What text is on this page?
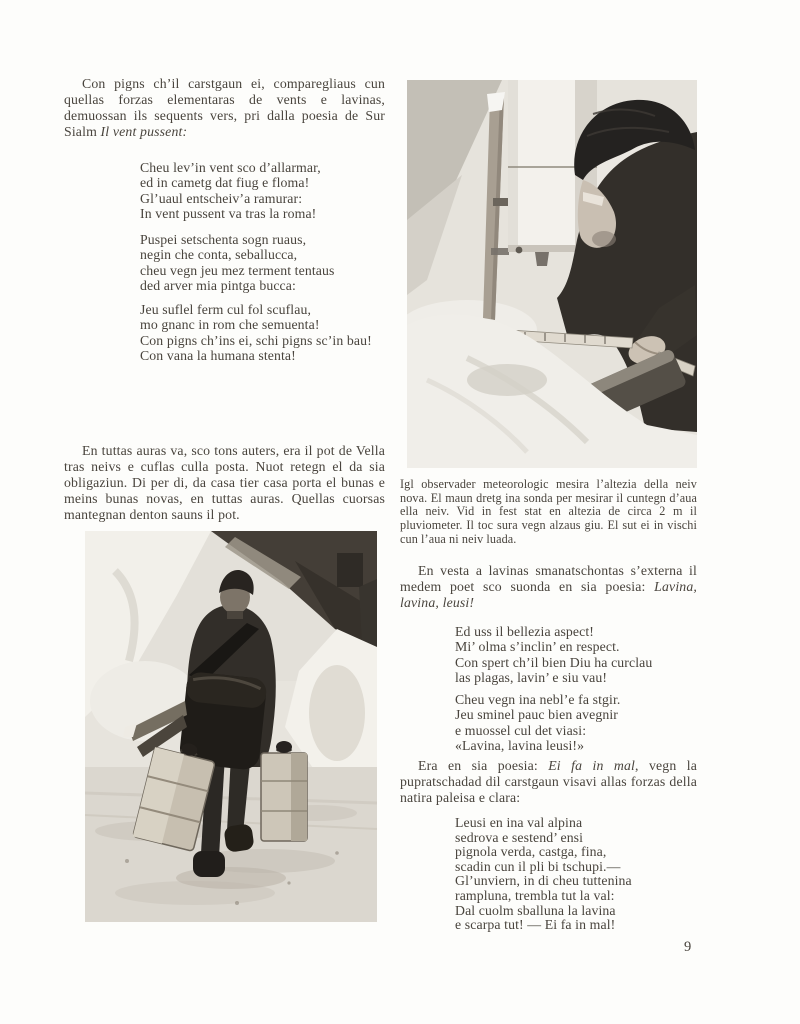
Con pigns ch’il carstgaun ei, comparegliaus cun quellas forzas elementaras de vents e lavinas, demuossan ils sequents vers, pri dalla poesia de Sur Sialm Il vent pussent:
Cheu lev’in vent sco d’allarmar,
ed in cametg dat fiug e floma!
Gl’uaul entscheiv’a ramurar:
In vent pussent va tras la roma!
Puspei setschenta sogn ruaus,
negin che conta, seballucca,
cheu vegn jeu mez terment tentaus
ded arver mia pintga bucca:
Jeu suflel ferm cul fol scuflau,
mo gnanc in rom che semuenta!
Con pigns ch’ins ei, schi pigns sc’in bau!
Con vana la humana stenta!
En tuttas auras va, sco tons auters, era il pot de Vella tras neivs e cuflas culla posta. Nuot retegn el da sia obligaziun. Di per di, da casa tier casa porta el bunas e meins bunas novas, en tuttas auras. Quellas cuorsas mantegnan denton sauns il pot.
Igl observader meteorologic mesira l’altezia della neiv nova. El maun dretg ina sonda per mesirar il cuntegn d’aua ella neiv. Vid in fest stat en altezia de circa 2 m il pluviometer. Il toc sura vegn alzaus giu. El sut ei in vischi cun l’aua ni neiv luada.
En vesta a lavinas smanatschontas s’externa il medem poet sco suonda en sia poesia: Lavina, lavina, leusi!
Ed uss il bellezia aspect!
Mi’ olma s’inclin’ en respect.
Con spert ch’il bien Diu ha curclau
las plagas, lavin’ e siu vau!
Cheu vegn ina nebl’e fa stgir.
Jeu sminel pauc bien avegnir
e muossel cul det viasi:
«Lavina, lavina leusi!»
Era en sia poesia: Ei fa in mal, vegn la pupratschadad dil carstgaun visavi allas forzas della natira paleisa e clara:
Leusi en ina val alpina
sedrova e sestend’ ensi
pignola verda, castga, fina,
scadin cun il pli bi tschupi.—
Gl’unviern, in di cheu tuttenina
rampluna, trembla tut la val:
Dal cuolm sballuna la lavina
e scarpa tut! — Ei fa in mal!
9
